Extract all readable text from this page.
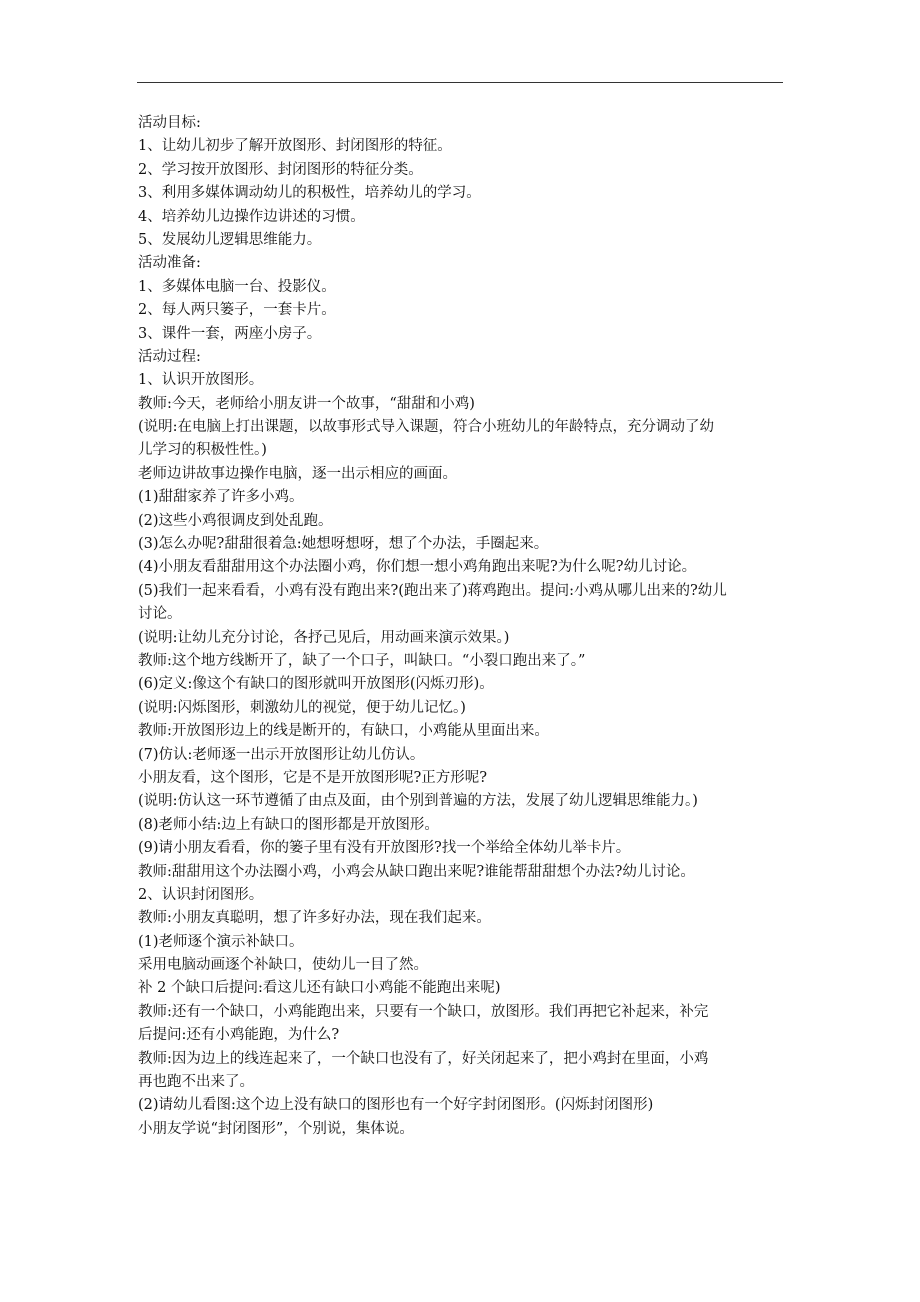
活动目标:
1、让幼儿初步了解开放图形、封闭图形的特征。
2、学习按开放图形、封闭图形的特征分类。
3、利用多媒体调动幼儿的积极性，培养幼儿的学习。
4、培养幼儿边操作边讲述的习惯。
5、发展幼儿逻辑思维能力。
活动准备:
1、多媒体电脑一台、投影仪。
2、每人两只篓子，一套卡片。
3、课件一套，两座小房子。
活动过程:
1、认识开放图形。
教师:今天，老师给小朋友讲一个故事，“甜甜和小鸡)
(说明:在电脑上打出课题，以故事形式导入课题，符合小班幼儿的年龄特点，充分调动了幼
儿学习的积极性性。)
老师边讲故事边操作电脑，逐一出示相应的画面。
(1)甜甜家养了许多小鸡。
(2)这些小鸡很调皮到处乱跑。
(3)怎么办呢?甜甜很着急:她想呀想呀，想了个办法，手圈起来。
(4)小朋友看甜甜用这个办法圈小鸡，你们想一想小鸡角跑出来呢?为什么呢?幼儿讨论。
(5)我们一起来看看，小鸡有没有跑出来?(跑出来了)蒋鸡跑出。提问:小鸡从哪儿出来的?幼儿
讨论。
(说明:让幼儿充分讨论，各抒己见后，用动画来演示效果。)
教师:这个地方线断开了，缺了一个口子，叫缺口。“小裂口跑出来了。”
(6)定义:像这个有缺口的图形就叫开放图形(闪烁刃形)。
(说明:闪烁图形，刺激幼儿的视觉，便于幼儿记忆。)
教师:开放图形边上的线是断开的，有缺口，小鸡能从里面出来。
(7)仿认:老师逐一出示开放图形让幼儿仿认。
小朋友看，这个图形，它是不是开放图形呢?正方形呢?
(说明:仿认这一环节遵循了由点及面，由个别到普遍的方法，发展了幼儿逻辑思维能力。)
(8)老师小结:边上有缺口的图形都是开放图形。
(9)请小朋友看看，你的篓子里有没有开放图形?找一个举给全体幼儿举卡片。
教师:甜甜用这个办法圈小鸡，小鸡会从缺口跑出来呢?谁能帮甜甜想个办法?幼儿讨论。
2、认识封闭图形。
教师:小朋友真聪明，想了许多好办法，现在我们起来。
(1)老师逐个演示补缺口。
采用电脑动画逐个补缺口，使幼儿一目了然。
补 2 个缺口后提问:看这儿还有缺口小鸡能不能跑出来呢)
教师:还有一个缺口，小鸡能跑出来，只要有一个缺口，放图形。我们再把它补起来，补完
后提问:还有小鸡能跑，为什么?
教师:因为边上的线连起来了，一个缺口也没有了，好关闭起来了，把小鸡封在里面，小鸡
再也跑不出来了。
(2)请幼儿看图:这个边上没有缺口的图形也有一个好字封闭图形。(闪烁封闭图形)
小朋友学说“封闭图形”，个别说，集体说。
